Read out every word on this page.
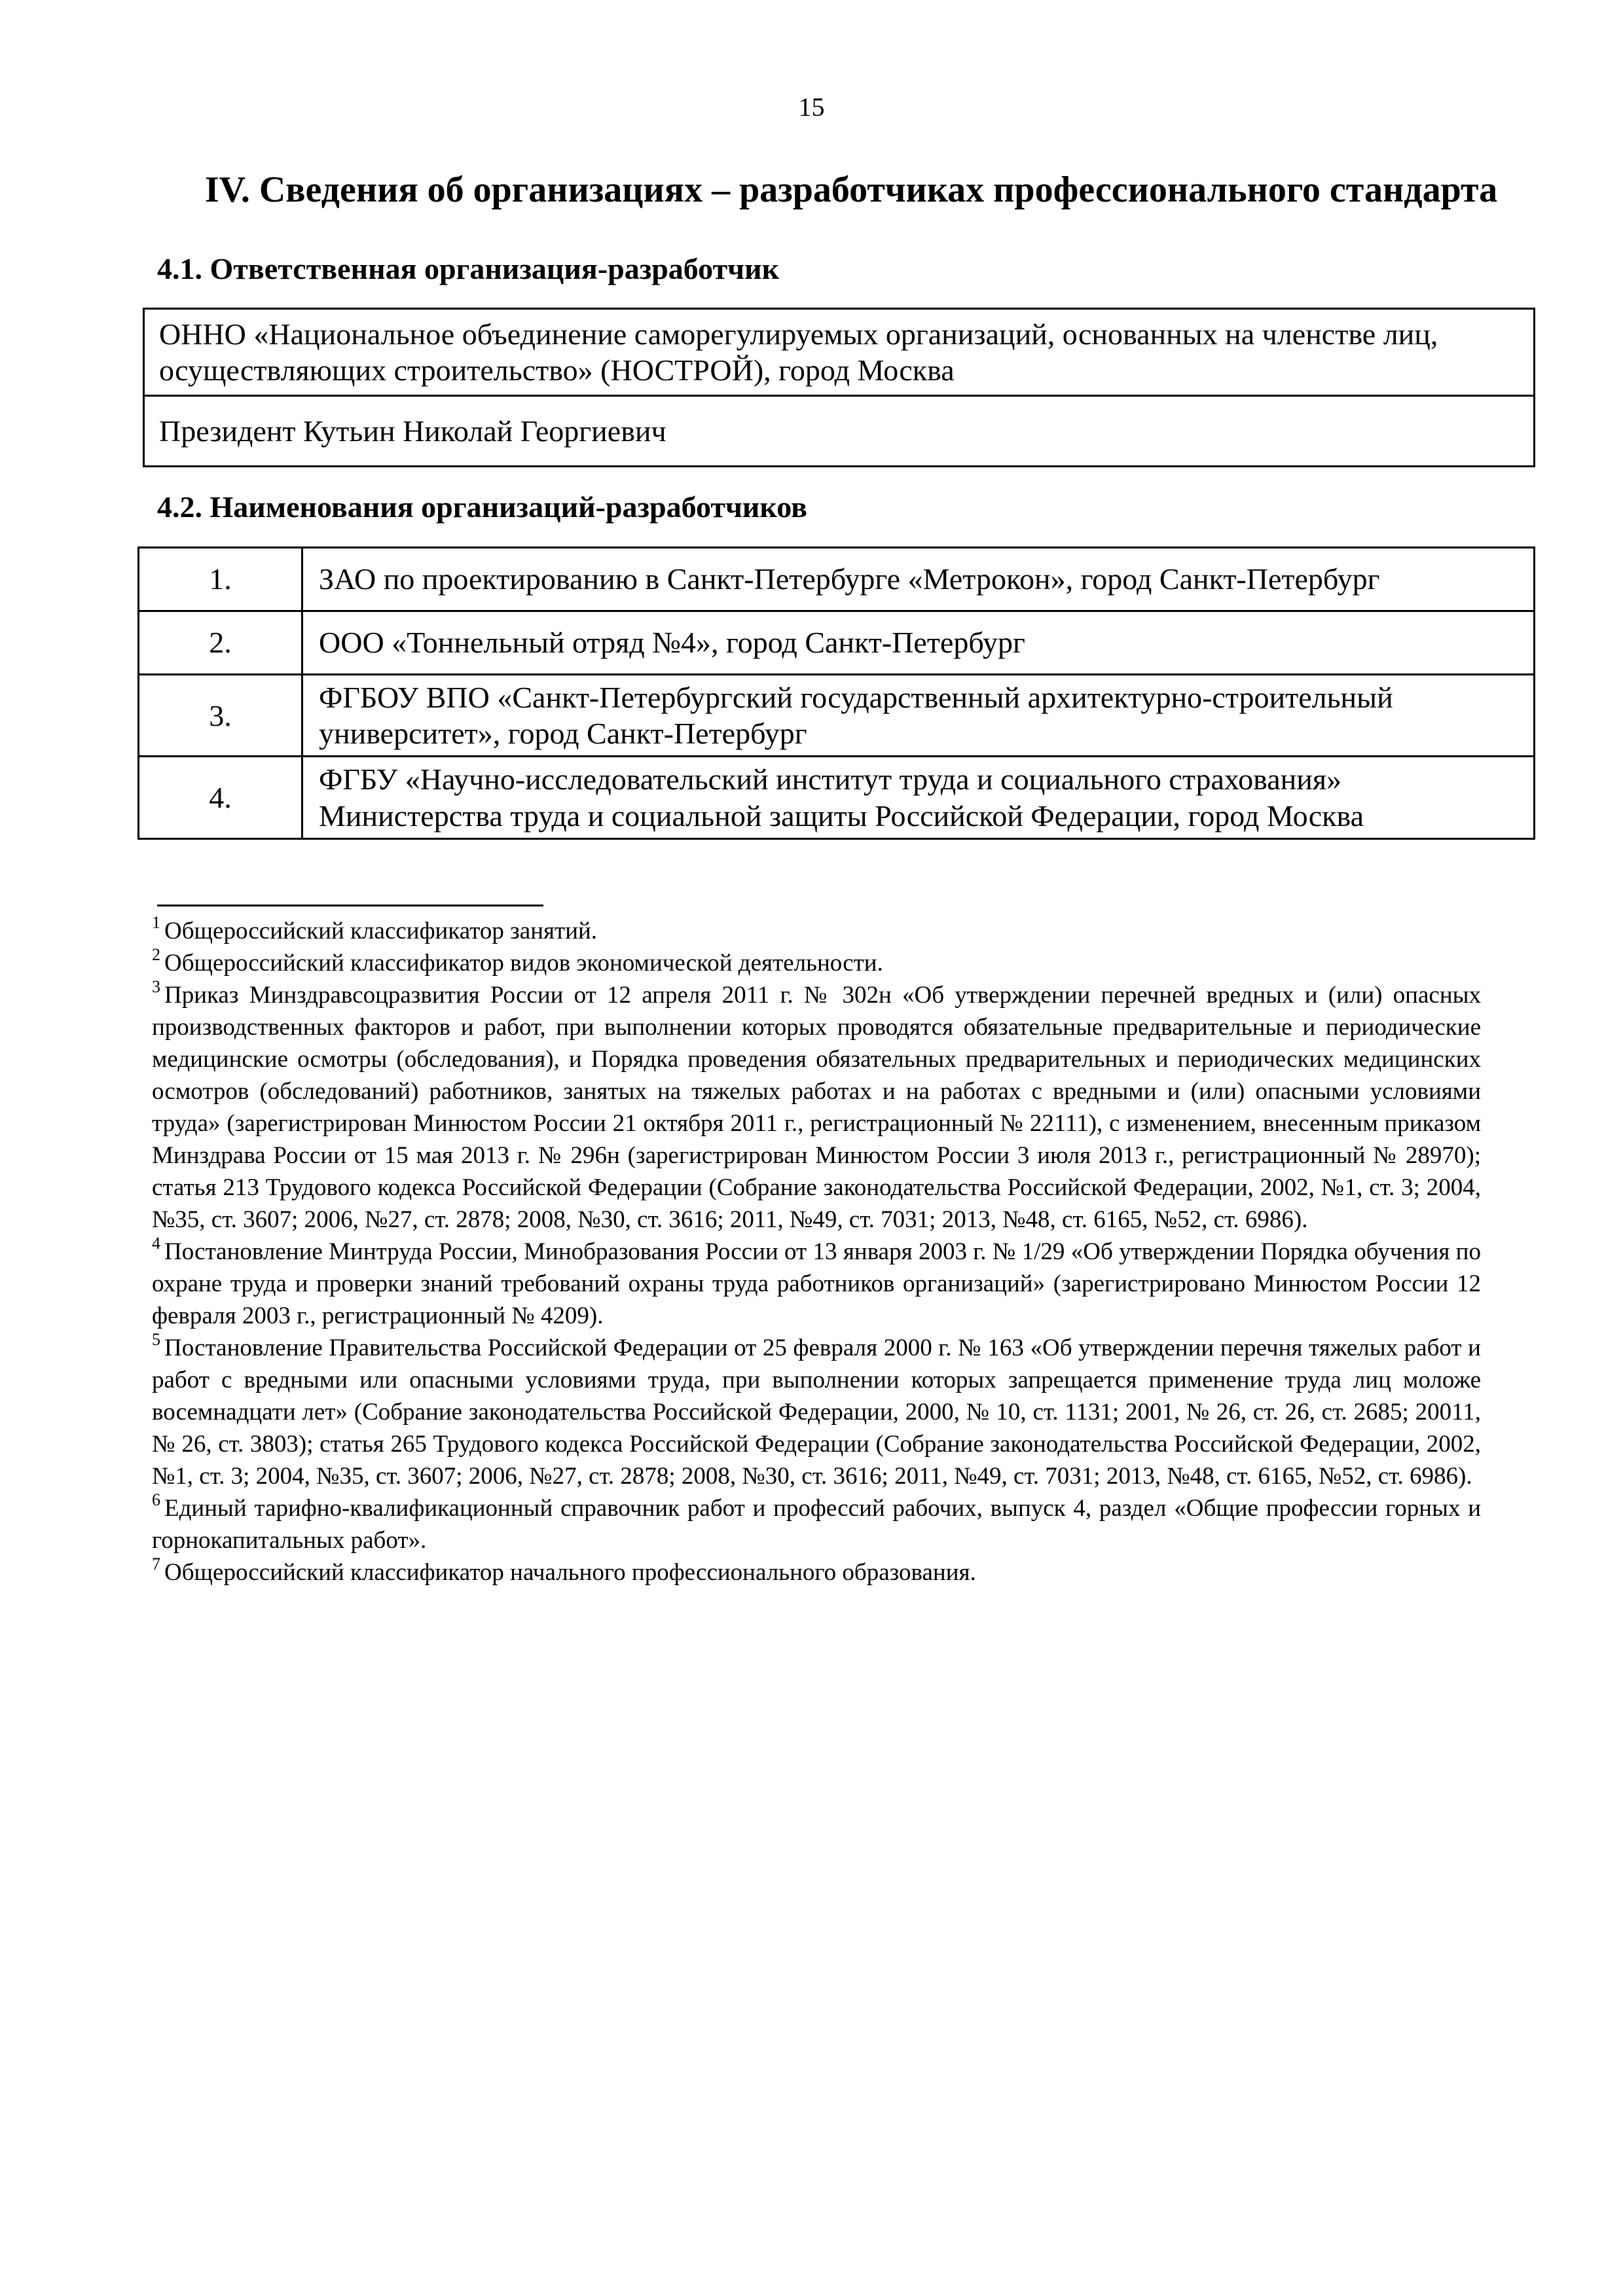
15
IV. Сведения об организациях – разработчиках профессионального стандарта
4.1. Ответственная организация-разработчик
ОННО «Национальное объединение саморегулируемых организаций, основанных на членстве лиц, осуществляющих строительство» (НОСТРОЙ), город Москва
Президент Кутьин Николай Георгиевич
4.2. Наименования организаций-разработчиков
1.	ЗАО по проектированию в Санкт-Петербурге «Метрокон», город Санкт-Петербург
2.	ООО «Тоннельный отряд №4», город Санкт-Петербург
3.	ФГБОУ ВПО «Санкт-Петербургский государственный архитектурно-строительный университет», город Санкт-Петербург
4.	ФГБУ «Научно-исследовательский институт труда и социального страхования» Министерства труда и социальной защиты Российской Федерации, город Москва

$^1$ Общероссийский классификатор занятий.

$^2$ Общероссийский классификатор видов экономической деятельности.

$^3$ Приказ Минздравсоцразвития России от 12 апреля 2011 г. № 302н «Об утверждении перечней вредных и (или) опасных производственных факторов и работ, при выполнении которых проводятся обязательные предварительные и периодические медицинские осмотры (обследования), и Порядка проведения обязательных предварительных и периодических медицинских осмотров (обследований) работников, занятых на тяжелых работах и на работах с вредными и (или) опасными условиями труда» (зарегистрирован Минюстом России 21 октября 2011 г., регистрационный № 22111), с изменением, внесенным приказом Минздрава России от 15 мая 2013 г. № 296н (зарегистрирован Минюстом России 3 июля 2013 г., регистрационный № 28970); статья 213 Трудового кодекса Российской Федерации (Собрание законодательства Российской Федерации, 2002, №1, ст. 3; 2004, №35, ст. 3607; 2006, №27, ст. 2878; 2008, №30, ст. 3616; 2011, №49, ст. 7031; 2013, №48, ст. 6165, №52, ст. 6986).

$^4$ Постановление Минтруда России, Минобразования России от 13 января 2003 г. № 1/29 «Об утверждении Порядка обучения по охране труда и проверки знаний требований охраны труда работников организаций» (зарегистрировано Минюстом России 12 февраля 2003 г., регистрационный № 4209).

$^5$ Постановление Правительства Российской Федерации от 25 февраля 2000 г. № 163 «Об утверждении перечня тяжелых работ и работ с вредными или опасными условиями труда, при выполнении которых запрещается применение труда лиц моложе восемнадцати лет» (Собрание законодательства Российской Федерации, 2000, № 10, ст. 1131; 2001, № 26, ст. 26, ст. 2685; 20011, № 26, ст. 3803); статья 265 Трудового кодекса Российской Федерации (Собрание законодательства Российской Федерации, 2002, №1, ст. 3; 2004, №35, ст. 3607; 2006, №27, ст. 2878; 2008, №30, ст. 3616; 2011, №49, ст. 7031; 2013, №48, ст. 6165, №52, ст. 6986).

$^6$ Единый тарифно-квалификационный справочник работ и профессий рабочих, выпуск 4, раздел «Общие профессии горных и горнокапитальных работ».

$^7$ Общероссийский классификатор начального профессионального образования.
